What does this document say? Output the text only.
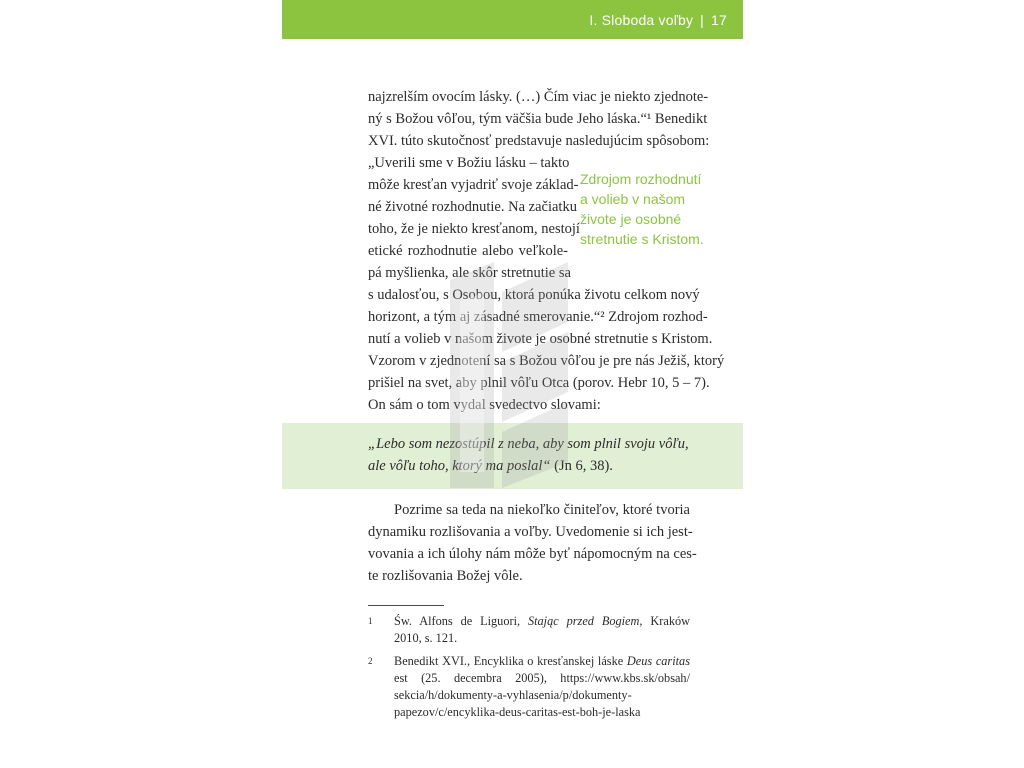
I. Sloboda voľby | 17
najzrelším ovocím lásky. (…) Čím viac je niekto zjednote-
ný s Božou vôľou, tým väčšia bude Jeho láska.“¹ Benedikt
XVI. túto skutočnosť predstavuje nasledujúcim spôsobom:
„Uverili sme v Božiu lásku – takto
môže kresťan vyjadriť svoje základ-
né životné rozhodnutie. Na začiatku
toho, že je niekto kresťanom, nestojí
etické rozhodnutie alebo veľkole-
pá myšlienka, ale skôr stretnutie sa
Zdrojom rozhodnutí
a volieb v našom
živote je osobné
stretnutie s Kristom.
s udalosťou, s Osobou, ktorá ponúka životu celkom nový
horizont, a tým aj zásadné smerovanie.“² Zdrojom rozhod-
nutí a volieb v našom živote je osobné stretnutie s Kristom.
Vzorom v zjednotení sa s Božou vôľou je pre nás Ježiš, ktorý
prišiel na svet, aby plnil vôľu Otca (porov. Hebr 10, 5 – 7).
On sám o tom vydal svedectvo slovami:
„Lebo som nezostúpil z neba, aby som plnil svoju vôľu,
ale vôľu toho, ktorý ma poslal“ (Jn 6, 38).
Pozrime sa teda na niekoľko činiteľov, ktoré tvoria
dynamiku rozlišovania a voľby. Uvedomenie si ich jest-
vovania a ich úlohy nám môže byť nápomocným na ces-
te rozlišovania Božej vôle.
1 Św. Alfons de Liguori, Stając przed Bogiem, Kraków
2010, s. 121.
2 Benedikt XVI., Encyklika o kresťanskej láske Deus caritas
est (25. decembra 2005), https://www.kbs.sk/obsah/
sekcia/h/dokumenty-a-vyhlasenia/p/dokumenty-
papezov/c/encyklika-deus-caritas-est-boh-je-laska
